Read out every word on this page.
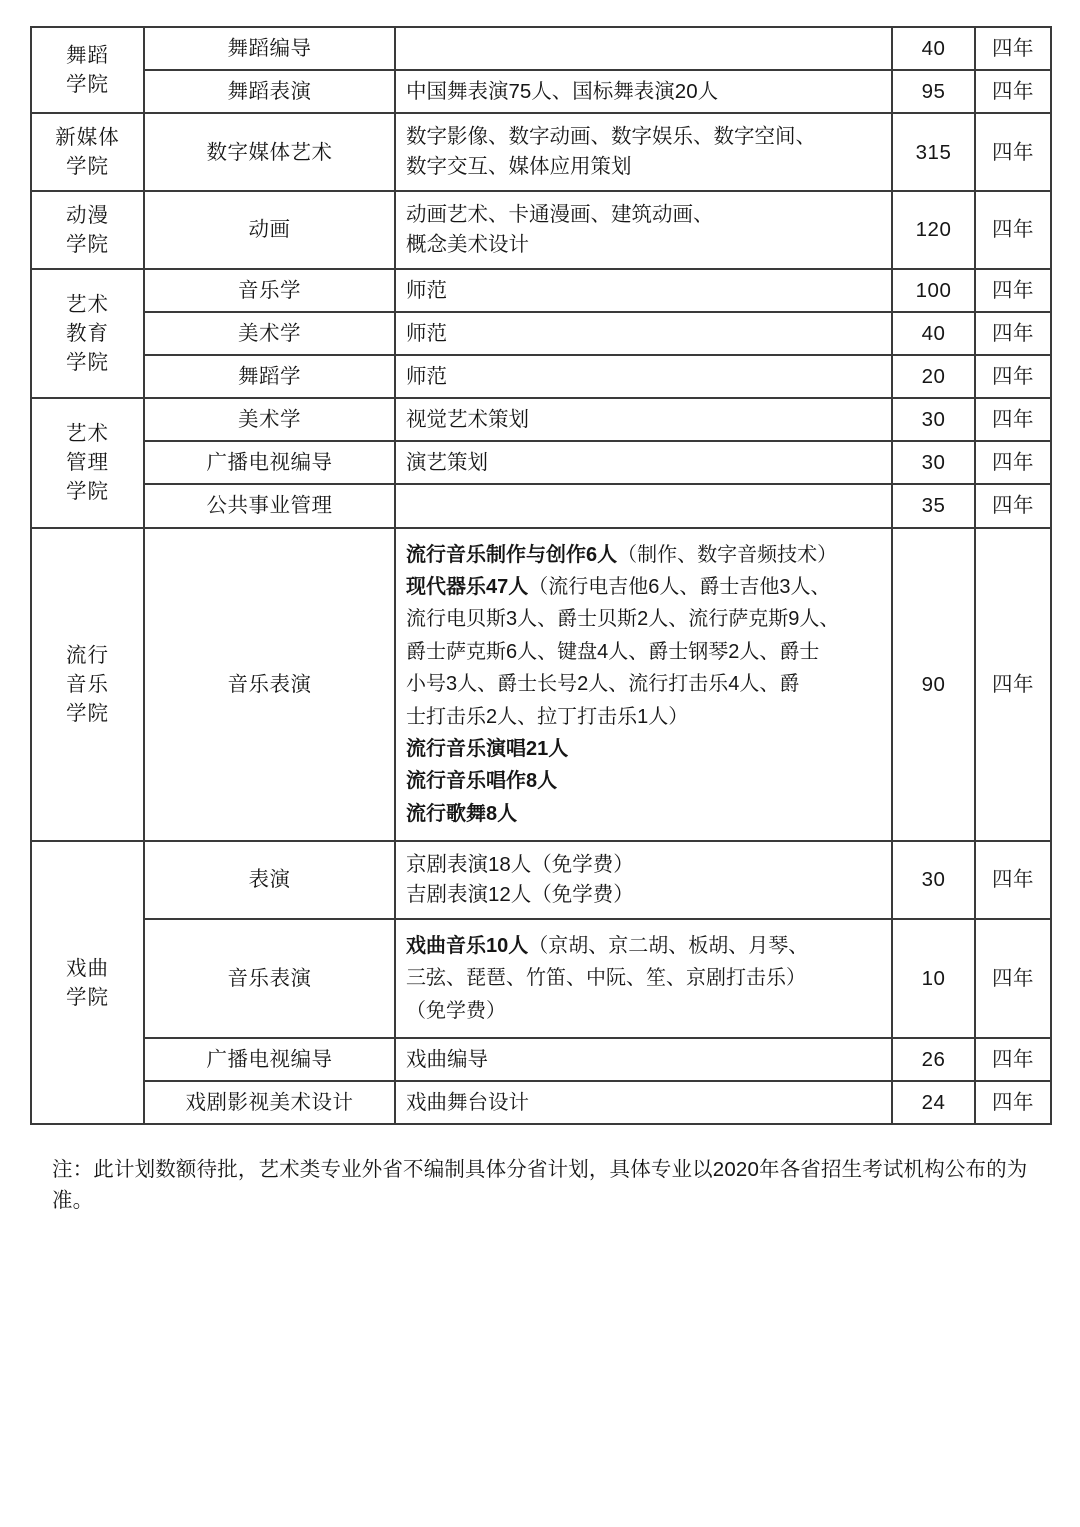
舞蹈
学院	舞蹈编导		40	四年
	舞蹈表演	中国舞表演75人、国标舞表演20人	95	四年

新媒体
学院	数字媒体艺术	数字影像、数字动画、数字娱乐、数字空间、
数字交互、媒体应用策划	315	四年

动漫
学院	动画	动画艺术、卡通漫画、建筑动画、
概念美术设计	120	四年

艺术
教育
学院	音乐学	师范	100	四年
	美术学	师范	40	四年
	舞蹈学	师范	20	四年

艺术
管理
学院	美术学	视觉艺术策划	30	四年
	广播电视编导	演艺策划	30	四年
	公共事业管理		35	四年

流行
音乐
学院
	音乐表演	
流行音乐制作与创作6人（制作、数字音频技术）
现代器乐47人（流行电吉他6人、爵士吉他3人、
流行电贝斯3人、爵士贝斯2人、流行萨克斯9人、
爵士萨克斯6人、键盘4人、爵士钢琴2人、爵士
小号3人、爵士长号2人、流行打击乐4人、爵
士打击乐2人、拉丁打击乐1人）
流行音乐演唱21人
流行音乐唱作8人
流行歌舞8人
	90	四年

戏曲
学院	表演	京剧表演18人（免学费）
吉剧表演12人（免学费）	30	四年
	音乐表演	戏曲音乐10人（京胡、京二胡、板胡、月琴、
三弦、琵琶、竹笛、中阮、笙、京剧打击乐）
（免学费）	10	四年
	广播电视编导	戏曲编导	26	四年
	戏剧影视美术设计	戏曲舞台设计	24	四年
注：此计划数额待批，艺术类专业外省不编制具体分省计划，具体专业以2020年各省招生考试机构公布的为准。
